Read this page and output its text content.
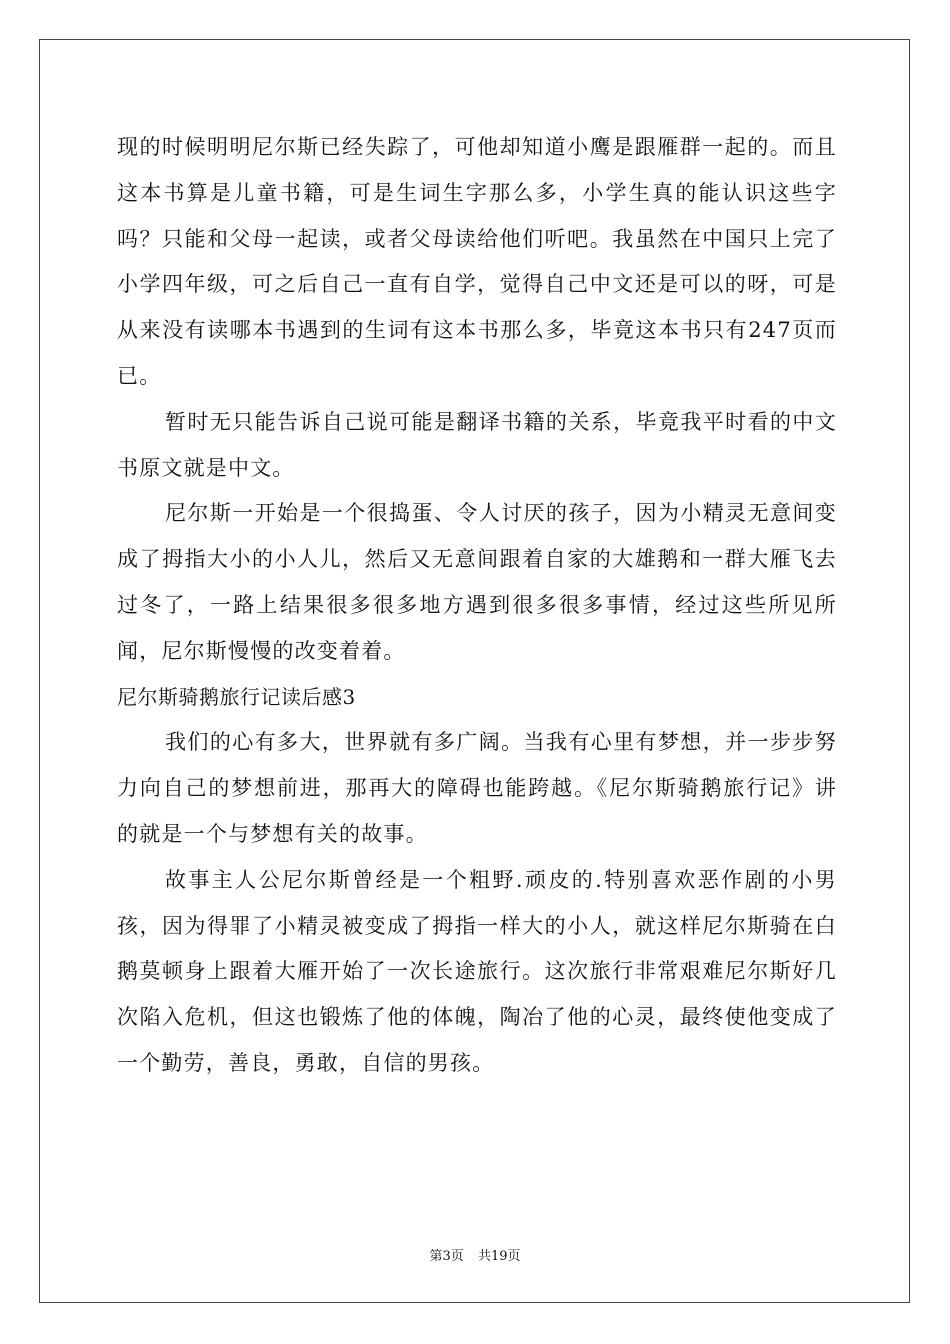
现的时候明明尼尔斯已经失踪了，可他却知道小鹰是跟雁群一起的。而且这本书算是儿童书籍，可是生词生字那么多，小学生真的能认识这些字吗？只能和父母一起读，或者父母读给他们听吧。我虽然在中国只上完了小学四年级，可之后自己一直有自学，觉得自己中文还是可以的呀，可是从来没有读哪本书遇到的生词有这本书那么多，毕竟这本书只有247页而已。

暂时无只能告诉自己说可能是翻译书籍的关系，毕竟我平时看的中文书原文就是中文。

尼尔斯一开始是一个很捣蛋、令人讨厌的孩子，因为小精灵无意间变成了拇指大小的小人儿，然后又无意间跟着自家的大雄鹅和一群大雁飞去过冬了，一路上结果很多很多地方遇到很多很多事情，经过这些所见所闻，尼尔斯慢慢的改变着着。

尼尔斯骑鹅旅行记读后感3

我们的心有多大，世界就有多广阔。当我有心里有梦想，并一步步努力向自己的梦想前进，那再大的障碍也能跨越。《尼尔斯骑鹅旅行记》讲的就是一个与梦想有关的故事。

故事主人公尼尔斯曾经是一个粗野.顽皮的.特别喜欢恶作剧的小男孩，因为得罪了小精灵被变成了拇指一样大的小人，就这样尼尔斯骑在白鹅莫顿身上跟着大雁开始了一次长途旅行。这次旅行非常艰难尼尔斯好几次陷入危机，但这也锻炼了他的体魄，陶冶了他的心灵，最终使他变成了一个勤劳，善良，勇敢，自信的男孩。

第3页 共19页
